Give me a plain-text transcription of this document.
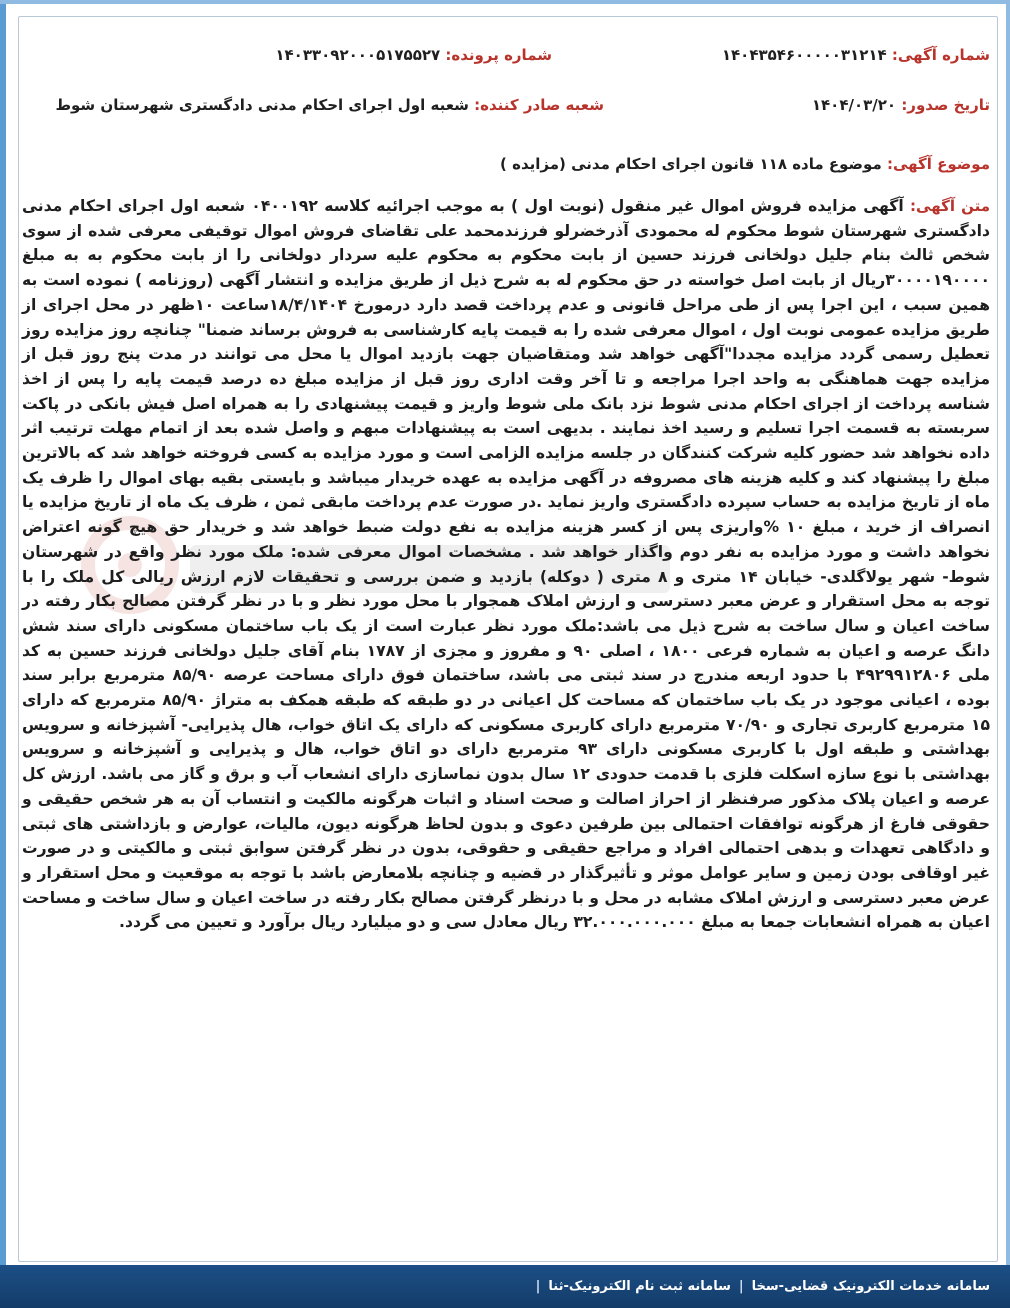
شماره آگهی: ۱۴۰۴۳۵۴۶۰۰۰۰۰۳۱۲۱۴
شماره پرونده: ۱۴۰۳۳۰۹۲۰۰۰۵۱۷۵۵۲۷
تاریخ صدور: ۱۴۰۴/۰۳/۲۰
شعبه صادر کننده: شعبه اول اجرای احکام مدنی دادگستری شهرستان شوط
موضوع آگهی: موضوع ماده ۱۱۸ قانون اجرای احکام مدنی (مزایده )

متن آگهی: آگهی مزایده فروش اموال غیر منقول (نوبت اول ) به موجب اجرائیه کلاسه ۰۴۰۰۱۹۲ شعبه اول اجرای احکام مدنی دادگستری شهرستان شوط محکوم له محمودی آذرخضرلو فرزندمحمد علی تقاضای فروش اموال توقیفی معرفی شده از سوی شخص ثالث بنام جلیل دولخانی فرزند حسین از بابت محکوم به محکوم علیه سردار دولخانی را از بابت محکوم به به مبلغ ۳۰۰۰۰۱۹۰۰۰۰ریال از بابت اصل خواسته در حق محکوم له به شرح ذیل از طریق مزایده و انتشار آگهی (روزنامه ) نموده است به همین سبب ، این اجرا پس از طی مراحل قانونی و عدم پرداخت قصد دارد درمورخ ۱۸/۴/۱۴۰۴ساعت ۱۰ظهر در محل اجرای از طریق مزایده عمومی نوبت اول ، اموال معرفی شده را به قیمت پایه کارشناسی به فروش برساند ضمنا" چنانچه روز مزایده روز تعطیل رسمی گردد مزایده مجددا"آگهی خواهد شد ومتقاضیان جهت بازدید اموال یا محل می توانند در مدت پنج روز قبل از مزایده جهت هماهنگی به واحد اجرا مراجعه و تا آخر وقت اداری روز قبل از مزایده مبلغ ده درصد قیمت پایه را پس از اخذ شناسه پرداخت از اجرای احکام مدنی شوط نزد بانک ملی شوط واریز و قیمت پیشنهادی را به همراه اصل فیش بانکی در پاکت سربسته به قسمت اجرا تسلیم و رسید اخذ نمایند . بدیهی است به پیشنهادات مبهم و واصل شده بعد از اتمام مهلت ترتیب اثر داده نخواهد شد حضور کلیه شرکت کنندگان در جلسه مزایده الزامی است و مورد مزایده به کسی فروخته خواهد شد که بالاترین مبلغ را پیشنهاد کند و کلیه هزینه های مصروفه در آگهی مزایده به عهده خریدار میباشد و بایستی بقیه بهای اموال را ظرف یک ماه از تاریخ مزایده به حساب سپرده دادگستری واریز نماید .در صورت عدم پرداخت مابقی ثمن ، ظرف یک ماه از تاریخ مزایده یا انصراف از خرید ، مبلغ ۱۰ %واریزی پس از کسر هزینه مزایده به نفع دولت ضبط خواهد شد و خریدار حق هیچ گونه اعتراض نخواهد داشت و مورد مزایده به نفر دوم واگذار خواهد شد . مشخصات اموال معرفی شده: ملک مورد نظر واقع در شهرستان شوط- شهر یولاگلدی- خیابان ۱۴ متری و ۸ متری ( دوکله) بازدید و ضمن بررسی و تحقیقات لازم ارزش ریالی کل ملک را با توجه به محل استقرار و عرض معبر دسترسی و ارزش املاک همجوار با محل مورد نظر و با در نظر گرفتن مصالح بکار رفته در ساخت اعیان و سال ساخت به شرح ذیل می باشد:ملک مورد نظر عبارت است از یک باب ساختمان مسکونی دارای سند شش دانگ عرصه و اعیان به شماره فرعی ۱۸۰۰ ، اصلی ۹۰ و مفروز و مجزی از ۱۷۸۷ بنام آقای جلیل دولخانی فرزند حسین به کد ملی ۴۹۲۹۹۱۲۸۰۶ با حدود اربعه مندرج در سند ثبتی می باشد، ساختمان فوق دارای مساحت عرصه ۸۵/۹۰ مترمربع برابر سند بوده ، اعیانی موجود در یک باب ساختمان که مساحت کل اعیانی در دو طبقه که طبقه همکف به متراژ ۸۵/۹۰ مترمربع که دارای ۱۵ مترمربع کاربری تجاری و ۷۰/۹۰ مترمربع دارای کاربری مسکونی که دارای یک اتاق خواب، هال پذیرایی- آشپزخانه و سرویس بهداشتی و طبقه اول با کاربری مسکونی دارای ۹۳ مترمربع دارای دو اتاق خواب، هال و پذیرایی و آشپزخانه و سرویس بهداشتی با نوع سازه اسکلت فلزی با قدمت حدودی ۱۲ سال بدون نماسازی دارای انشعاب آب و برق و گاز می باشد. ارزش کل عرصه و اعیان پلاک مذکور صرفنظر از احراز اصالت و صحت اسناد و اثبات هرگونه مالکیت و انتساب آن به هر شخص حقیقی و حقوقی فارغ از هرگونه توافقات احتمالی بین طرفین دعوی و بدون لحاظ هرگونه دیون، مالیات، عوارض و بازداشتی های ثبتی و دادگاهی تعهدات و بدهی احتمالی افراد و مراجع حقیقی و حقوقی، بدون در نظر گرفتن سوابق ثبتی و مالکیتی و در صورت غیر اوقافی بودن زمین و سایر عوامل موثر و تأثیرگذار در قضیه و چنانچه بلامعارض باشد با توجه به موقعیت و محل استقرار و عرض معبر دسترسی و ارزش املاک مشابه در محل و با درنظر گرفتن مصالح بکار رفته در ساخت اعیان و سال ساخت و مساحت اعیان به همراه انشعابات جمعا به مبلغ ۳۲.۰۰۰.۰۰۰.۰۰۰ ریال معادل سی و دو میلیارد ریال برآورد و تعیین می گردد.

سامانه خدمات الکترونیک قضایی-سخا
|
سامانه ثبت نام الکترونیک-ثنا
|
